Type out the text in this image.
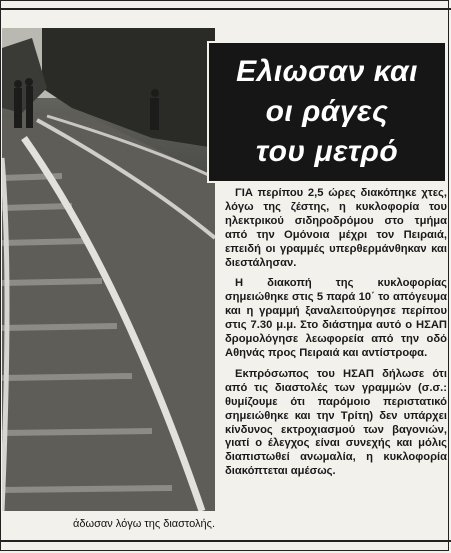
άδωσαν λόγω της διαστολής.
Ελιωσαν και
οι ράγες
του μετρό

ΓΙΑ περίπου 2,5 ώρες διακόπηκε χτες, λόγω της ζέστης, η κυκλοφορία του ηλεκτρικού σιδηροδρόμου στο τμήμα από την Ομόνοια μέχρι τον Πειραιά, επειδή οι γραμμές υπερθερμάνθηκαν και διεστάλησαν.

Η διακοπή της κυκλοφορίας σημειώθηκε στις 5 παρά 10΄ το απόγευμα και η γραμμή ξαναλειτούργησε περίπου στις 7.30 μ.μ. Στο διάστημα αυτό ο ΗΣΑΠ δρομολόγησε λεωφορεία από την οδό Αθηνάς προς Πειραιά και αντίστροφα.

Εκπρόσωπος του ΗΣΑΠ δήλωσε ότι από τις διαστολές των γραμμών (σ.σ.: θυμίζουμε ότι παρόμοιο περιστατικό σημειώθηκε και την Τρίτη) δεν υπάρχει κίνδυνος εκτροχιασμού των βαγονιών, γιατί ο έλεγχος είναι συνεχής και μόλις διαπιστωθεί ανωμαλία, η κυκλοφορία διακόπτεται αμέσως.
